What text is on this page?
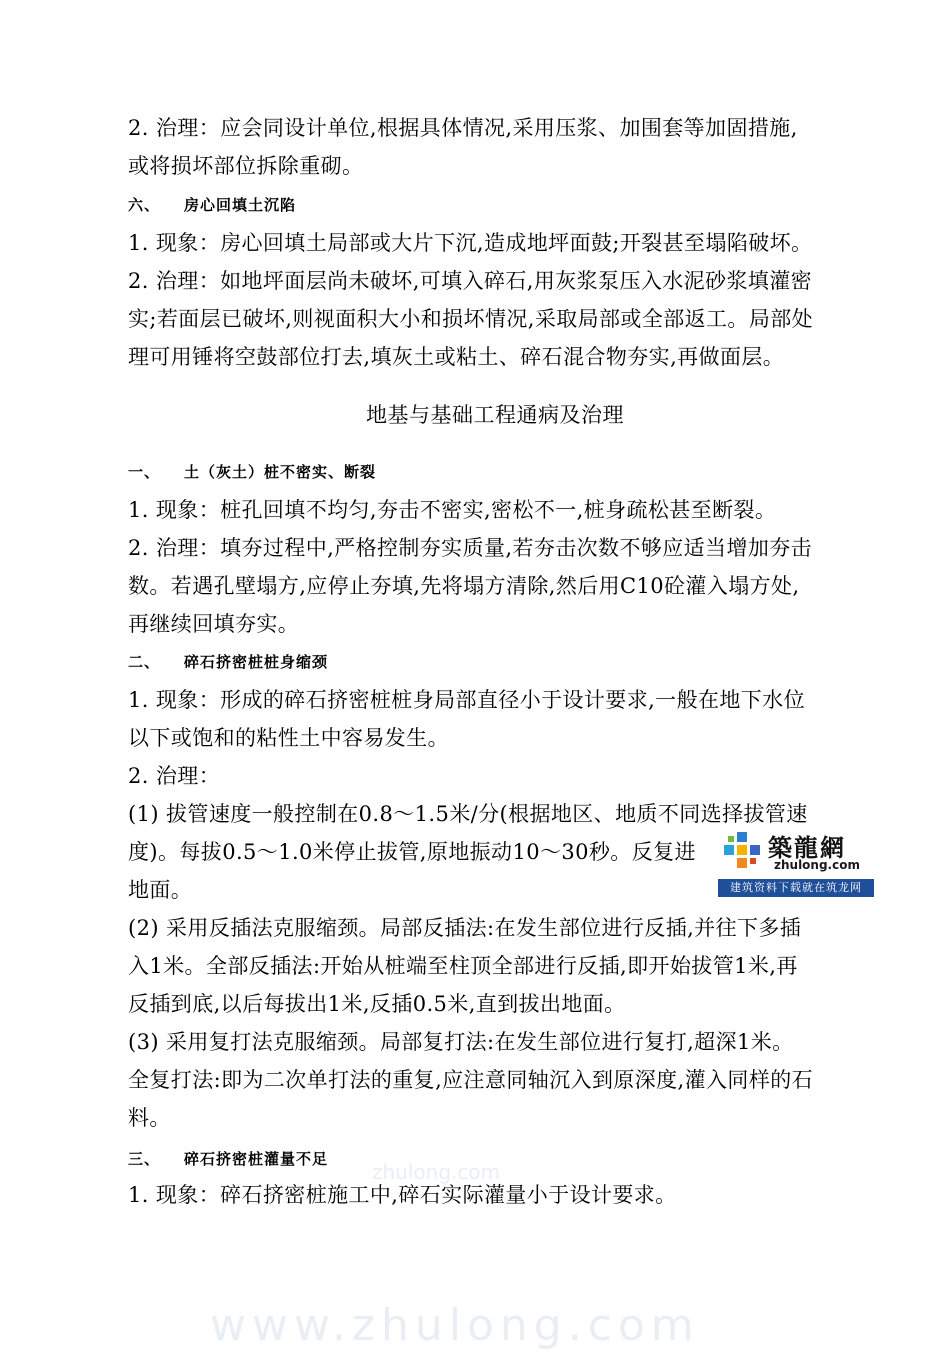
2. 治理：应会同设计单位,根据具体情况,采用压浆、加围套等加固措施,
或将损坏部位拆除重砌。
六、 房心回填土沉陷
1. 现象：房心回填土局部或大片下沉,造成地坪面鼓;开裂甚至塌陷破坏。
2. 治理：如地坪面层尚未破坏,可填入碎石,用灰浆泵压入水泥砂浆填灌密
实;若面层已破坏,则视面积大小和损坏情况,采取局部或全部返工。局部处
理可用锤将空鼓部位打去,填灰土或粘土、碎石混合物夯实,再做面层。
地基与基础工程通病及治理
一、 土（灰土）桩不密实、断裂
1. 现象：桩孔回填不均匀,夯击不密实,密松不一,桩身疏松甚至断裂。
2. 治理：填夯过程中,严格控制夯实质量,若夯击次数不够应适当增加夯击
数。若遇孔壁塌方,应停止夯填,先将塌方清除,然后用C10砼灌入塌方处,
再继续回填夯实。
二、 碎石挤密桩桩身缩颈
1. 现象：形成的碎石挤密桩桩身局部直径小于设计要求,一般在地下水位
以下或饱和的粘性土中容易发生。
2. 治理：
(1) 拔管速度一般控制在0.8～1.5米/分(根据地区、地质不同选择拔管速
度)。每拔0.5～1.0米停止拔管,原地振动10～30秒。反复进
地面。
(2) 采用反插法克服缩颈。局部反插法:在发生部位进行反插,并往下多插
入1米。全部反插法:开始从桩端至柱顶全部进行反插,即开始拔管1米,再
反插到底,以后每拔出1米,反插0.5米,直到拔出地面。
(3) 采用复打法克服缩颈。局部复打法:在发生部位进行复打,超深1米。
全复打法:即为二次单打法的重复,应注意同轴沉入到原深度,灌入同样的石
料。
三、 碎石挤密桩灌量不足
1. 现象：碎石挤密桩施工中,碎石实际灌量小于设计要求。
zhulong.com
www.zhulong.com
築龍網
zhulong.com
建筑资料下载就在筑龙网
